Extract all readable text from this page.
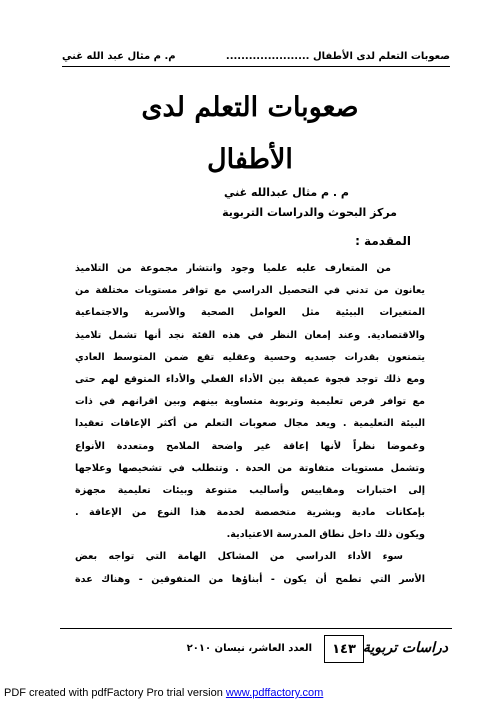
صعوبات التعلم لدى الأطفال ......................
م. م مثال عبد الله غني
صعوبات التعلم لدى
الأطفال
م . م مثال عبدالله غني
مركز البحوث والدراسات التربوية
المقدمة :
من المتعارف عليه علميا وجود وانتشار مجموعة من التلاميذ
يعانون من تدني في التحصيل الدراسي مع توافر مستويات مختلفة من
المتغيرات البيئية مثل العوامل الصحية والأسرية والاجتماعية
والاقتصادية. وعند إمعان النظر في هذه الفئة نجد أنها تشمل تلاميذ
يتمتعون بقدرات جسديه وحسية وعقليه تقع ضمن المتوسط العادي
ومع ذلك توجد فجوة عميقة بين الأداء الفعلي والأداء المتوقع لهم حتى
مع توافر فرص تعليمية وتربوية متساوية بينهم وبين اقرانهم في ذات
البيئة التعليمية . ويعد مجال صعوبات التعلم من أكثر الإعاقات تعقيدا
وغموضا نظراً لأنها إعاقة غير واضحة الملامح ومتعددة الأنواع
وتشمل مستويات متفاوتة من الحدة . وتتطلب في تشخيصها وعلاجها
إلى اختبارات ومقاييس وأساليب متنوعة وبيئات تعليمية مجهزة
بإمكانات مادية وبشرية متخصصة لخدمة هذا النوع من الإعاقة .
ويكون ذلك داخل نطاق المدرسة الاعتيادية.
سوء الأداء الدراسي من المشاكل الهامة التي تواجه بعض
الأسر التي تطمح أن يكون - أبناؤها من المتفوقين - وهناك عدة
دراسات تربوية
١٤٣
العدد العاشر، نيسان ٢٠١٠
PDF created with pdfFactory Pro trial version www.pdffactory.com
